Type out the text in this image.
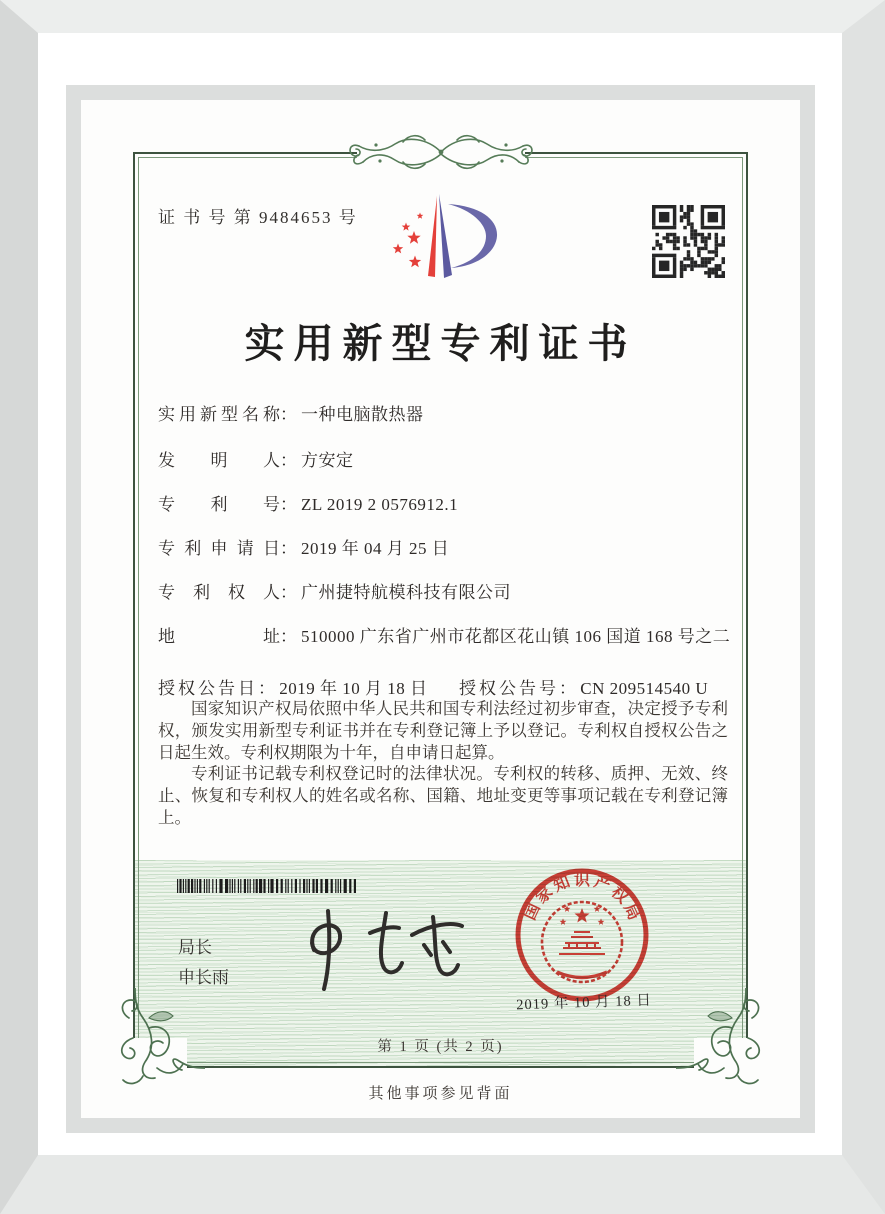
证 书 号 第 9484653 号
实用新型专利证书
实用新型名称： 一种电脑散热器
发明人： 方安定
专利号： ZL 2019 2 0576912.1
专利申请日： 2019 年 04 月 25 日
专利权人： 广州捷特航模科技有限公司
地址： 510000 广东省广州市花都区花山镇 106 国道 168 号之二
授权公告日： 2019 年 10 月 18 日 授权公告号： CN 209514540 U

国家知识产权局依照中华人民共和国专利法经过初步审查，决定授予专利权，颁发实用新型专利证书并在专利登记簿上予以登记。专利权自授权公告之日起生效。专利权期限为十年，自申请日起算。

专利证书记载专利权登记时的法律状况。专利权的转移、质押、无效、终止、恢复和专利权人的姓名或名称、国籍、地址变更等事项记载在专利登记簿上。

局长
申长雨
国
家
知 识 产
权
局
2019 年 10 月 18 日
第 1 页 (共 2 页)
其他事项参见背面
